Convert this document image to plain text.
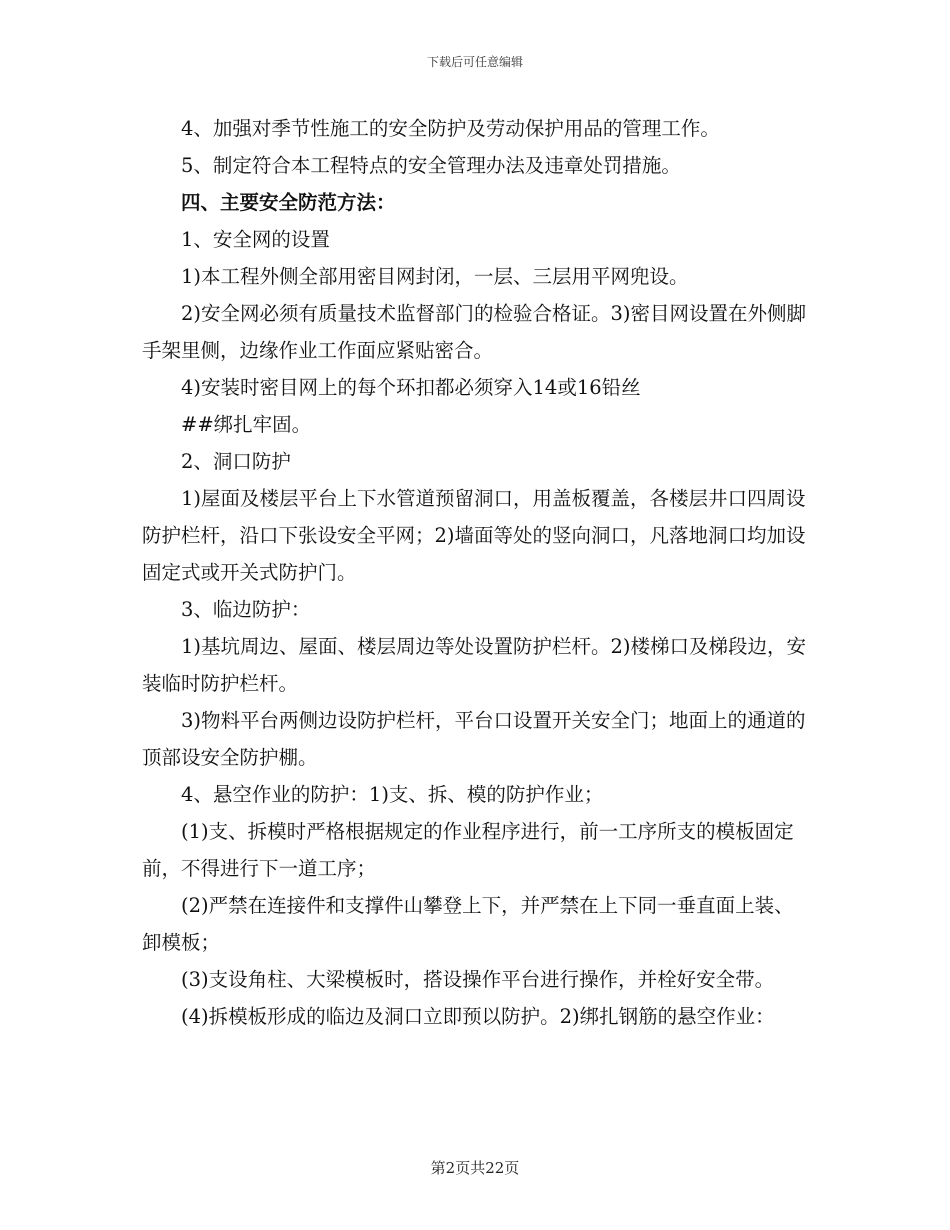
下载后可任意编辑

4、加强对季节性施工的安全防护及劳动保护用品的管理工作。

5、制定符合本工程特点的安全管理办法及违章处罚措施。

四、主要安全防范方法：

1、安全网的设置

1)本工程外侧全部用密目网封闭，一层、三层用平网兜设。

2)安全网必须有质量技术监督部门的检验合格证。3)密目网设置在外侧脚手架里侧，边缘作业工作面应紧贴密合。

4)安装时密目网上的每个环扣都必须穿入14或16铅丝

##绑扎牢固。

2、洞口防护

1)屋面及楼层平台上下水管道预留洞口，用盖板覆盖，各楼层井口四周设防护栏杆，沿口下张设安全平网；2)墙面等处的竖向洞口，凡落地洞口均加设固定式或开关式防护门。

3、临边防护：

1)基坑周边、屋面、楼层周边等处设置防护栏杆。2)楼梯口及梯段边，安装临时防护栏杆。

3)物料平台两侧边设防护栏杆，平台口设置开关安全门；地面上的通道的顶部设安全防护棚。

4、悬空作业的防护：1)支、拆、模的防护作业；

(1)支、拆模时严格根据规定的作业程序进行，前一工序所支的模板固定前，不得进行下一道工序；

(2)严禁在连接件和支撑件山攀登上下，并严禁在上下同一垂直面上装、卸模板；

(3)支设角柱、大梁模板时，搭设操作平台进行操作，并栓好安全带。

(4)拆模板形成的临边及洞口立即预以防护。2)绑扎钢筋的悬空作业：

第2页共22页
